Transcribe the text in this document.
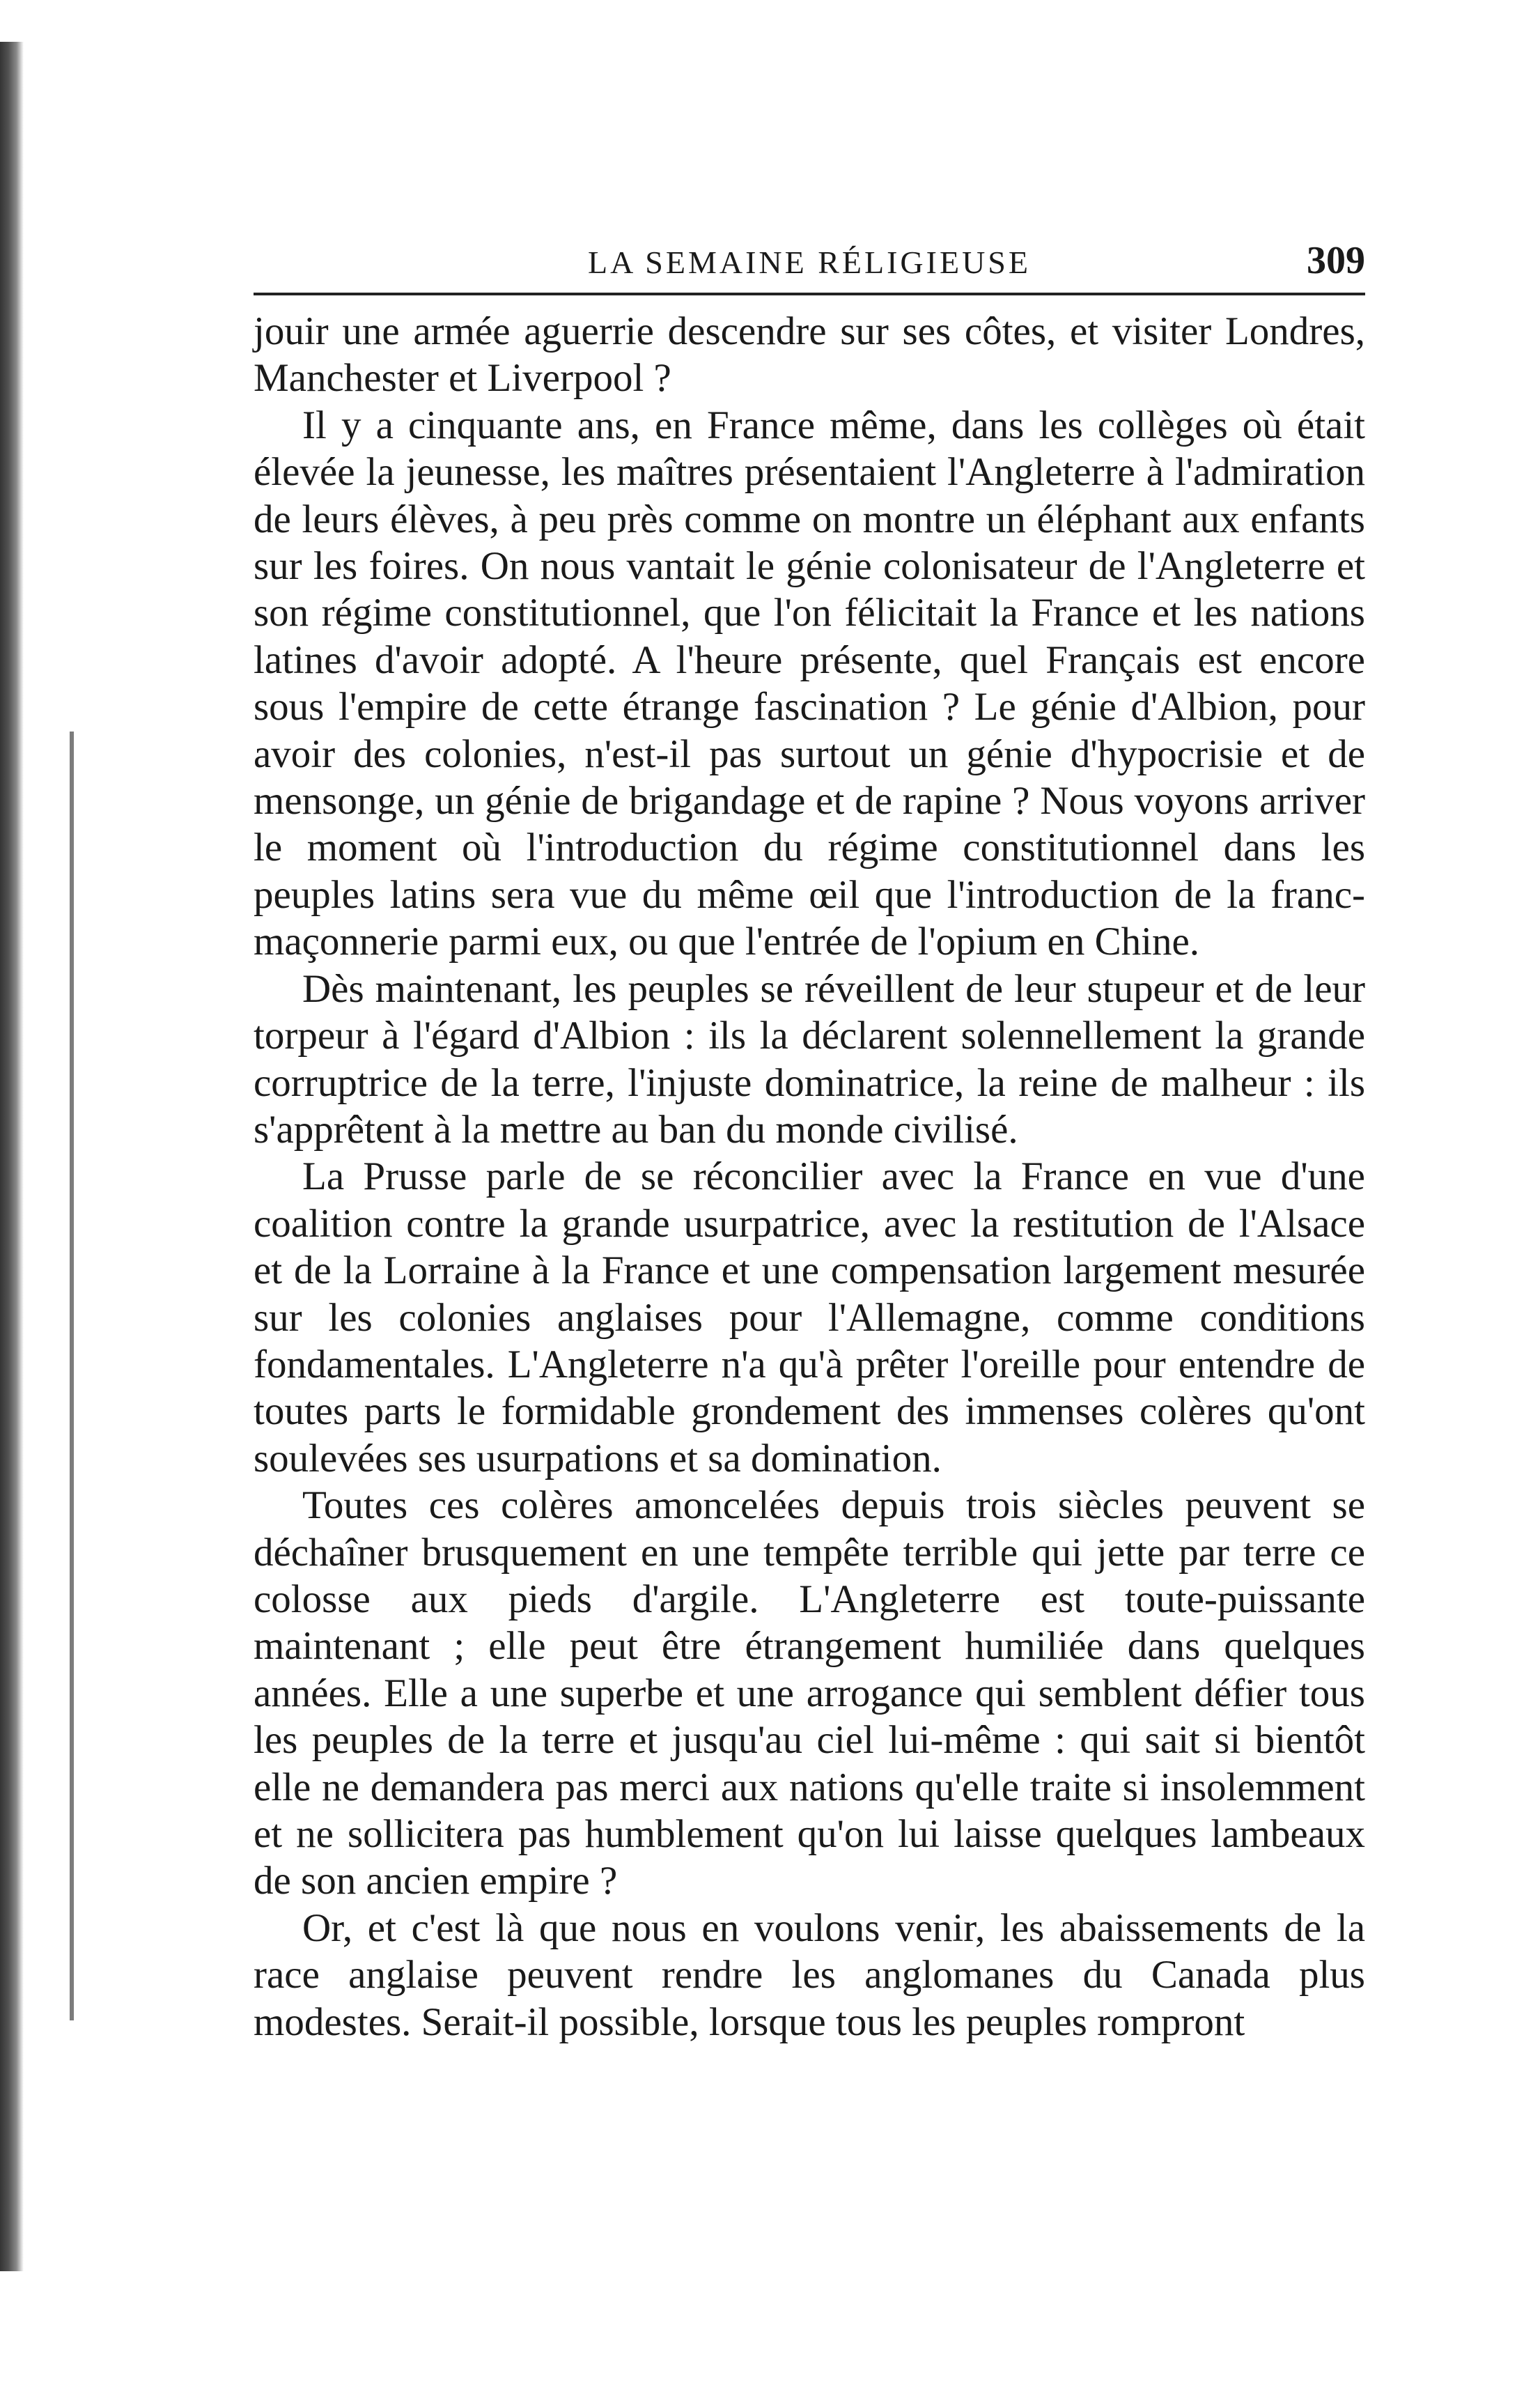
LA SEMAINE RÉLIGIEUSE	309

jouir une armée aguerrie descendre sur ses côtes, et visiter Londres, Manchester et Liverpool ?

Il y a cinquante ans, en France même, dans les collèges où était élevée la jeunesse, les maîtres présentaient l'Angleterre à l'admiration de leurs élèves, à peu près comme on montre un éléphant aux enfants sur les foires. On nous vantait le génie colonisateur de l'Angleterre et son régime constitutionnel, que l'on félicitait la France et les nations latines d'avoir adopté. A l'heure présente, quel Français est encore sous l'empire de cette étrange fascination ? Le génie d'Albion, pour avoir des colonies, n'est-il pas surtout un génie d'hypocrisie et de mensonge, un génie de brigandage et de rapine ? Nous voyons arriver le moment où l'introduction du régime constitutionnel dans les peuples latins sera vue du même œil que l'introduction de la franc-maçonnerie parmi eux, ou que l'entrée de l'opium en Chine.

Dès maintenant, les peuples se réveillent de leur stupeur et de leur torpeur à l'égard d'Albion : ils la déclarent solennellement la grande corruptrice de la terre, l'injuste dominatrice, la reine de malheur : ils s'apprêtent à la mettre au ban du monde civilisé.

La Prusse parle de se réconcilier avec la France en vue d'une coalition contre la grande usurpatrice, avec la restitution de l'Alsace et de la Lorraine à la France et une compensation largement mesurée sur les colonies anglaises pour l'Allemagne, comme conditions fondamentales. L'Angleterre n'a qu'à prêter l'oreille pour entendre de toutes parts le formidable grondement des immenses colères qu'ont soulevées ses usurpations et sa domination.

Toutes ces colères amoncelées depuis trois siècles peuvent se déchaîner brusquement en une tempête terrible qui jette par terre ce colosse aux pieds d'argile. L'Angleterre est toute-puissante maintenant ; elle peut être étrangement humiliée dans quelques années. Elle a une superbe et une arrogance qui semblent défier tous les peuples de la terre et jusqu'au ciel lui-même : qui sait si bientôt elle ne demandera pas merci aux nations qu'elle traite si insolemment et ne sollicitera pas humblement qu'on lui laisse quelques lambeaux de son ancien empire ?

Or, et c'est là que nous en voulons venir, les abaissements de la race anglaise peuvent rendre les anglomanes du Canada plus modestes. Serait-il possible, lorsque tous les peuples rompront
